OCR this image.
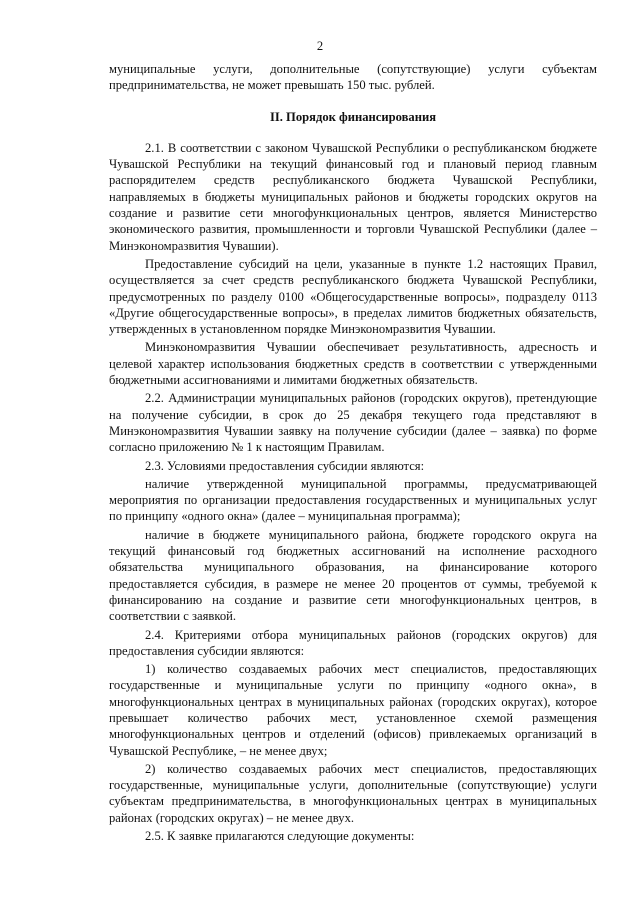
2

муниципальные услуги, дополнительные (сопутствующие) услуги субъектам предпринимательства, не может превышать 150 тыс. рублей.

II. Порядок финансирования

2.1. В соответствии с законом Чувашской Республики о республиканском бюджете Чувашской Республики на текущий финансовый год и плановый период главным распорядителем средств республиканского бюджета Чувашской Республики, направляемых в бюджеты муниципальных районов и бюджеты городских округов на создание и развитие сети многофункциональных центров, является Министерство экономического развития, промышленности и торговли Чувашской Республики (далее – Минэкономразвития Чувашии).

Предоставление субсидий на цели, указанные в пункте 1.2 настоящих Правил, осуществляется за счет средств республиканского бюджета Чувашской Республики, предусмотренных по разделу 0100 «Общегосударственные вопросы», подразделу 0113 «Другие общегосударственные вопросы», в пределах лимитов бюджетных обязательств, утвержденных в установленном порядке Минэкономразвития Чувашии.

Минэкономразвития Чувашии обеспечивает результативность, адресность и целевой характер использования бюджетных средств в соответствии с утвержденными бюджетными ассигнованиями и лимитами бюджетных обязательств.

2.2. Администрации муниципальных районов (городских округов), претендующие на получение субсидии, в срок до 25 декабря текущего года представляют в Минэкономразвития Чувашии заявку на получение субсидии (далее – заявка) по форме согласно приложению № 1 к настоящим Правилам.

2.3. Условиями предоставления субсидии являются:

наличие утвержденной муниципальной программы, предусматривающей мероприятия по организации предоставления государственных и муниципальных услуг по принципу «одного окна» (далее – муниципальная программа);

наличие в бюджете муниципального района, бюджете городского округа на текущий финансовый год бюджетных ассигнований на исполнение расходного обязательства муниципального образования, на финансирование которого предоставляется субсидия, в размере не менее 20 процентов от суммы, требуемой к финансированию на создание и развитие сети многофункциональных центров, в соответствии с заявкой.

2.4. Критериями отбора муниципальных районов (городских округов) для предоставления субсидии являются:

1) количество создаваемых рабочих мест специалистов, предоставляющих государственные и муниципальные услуги по принципу «одного окна», в многофункциональных центрах в муниципальных районах (городских округах), которое превышает количество рабочих мест, установленное схемой размещения многофункциональных центров и отделений (офисов) привлекаемых организаций в Чувашской Республике, – не менее двух;

2) количество создаваемых рабочих мест специалистов, предоставляющих государственные, муниципальные услуги, дополнительные (сопутствующие) услуги субъектам предпринимательства, в многофункциональных центрах в муниципальных районах (городских округах) – не менее двух.

2.5. К заявке прилагаются следующие документы:
